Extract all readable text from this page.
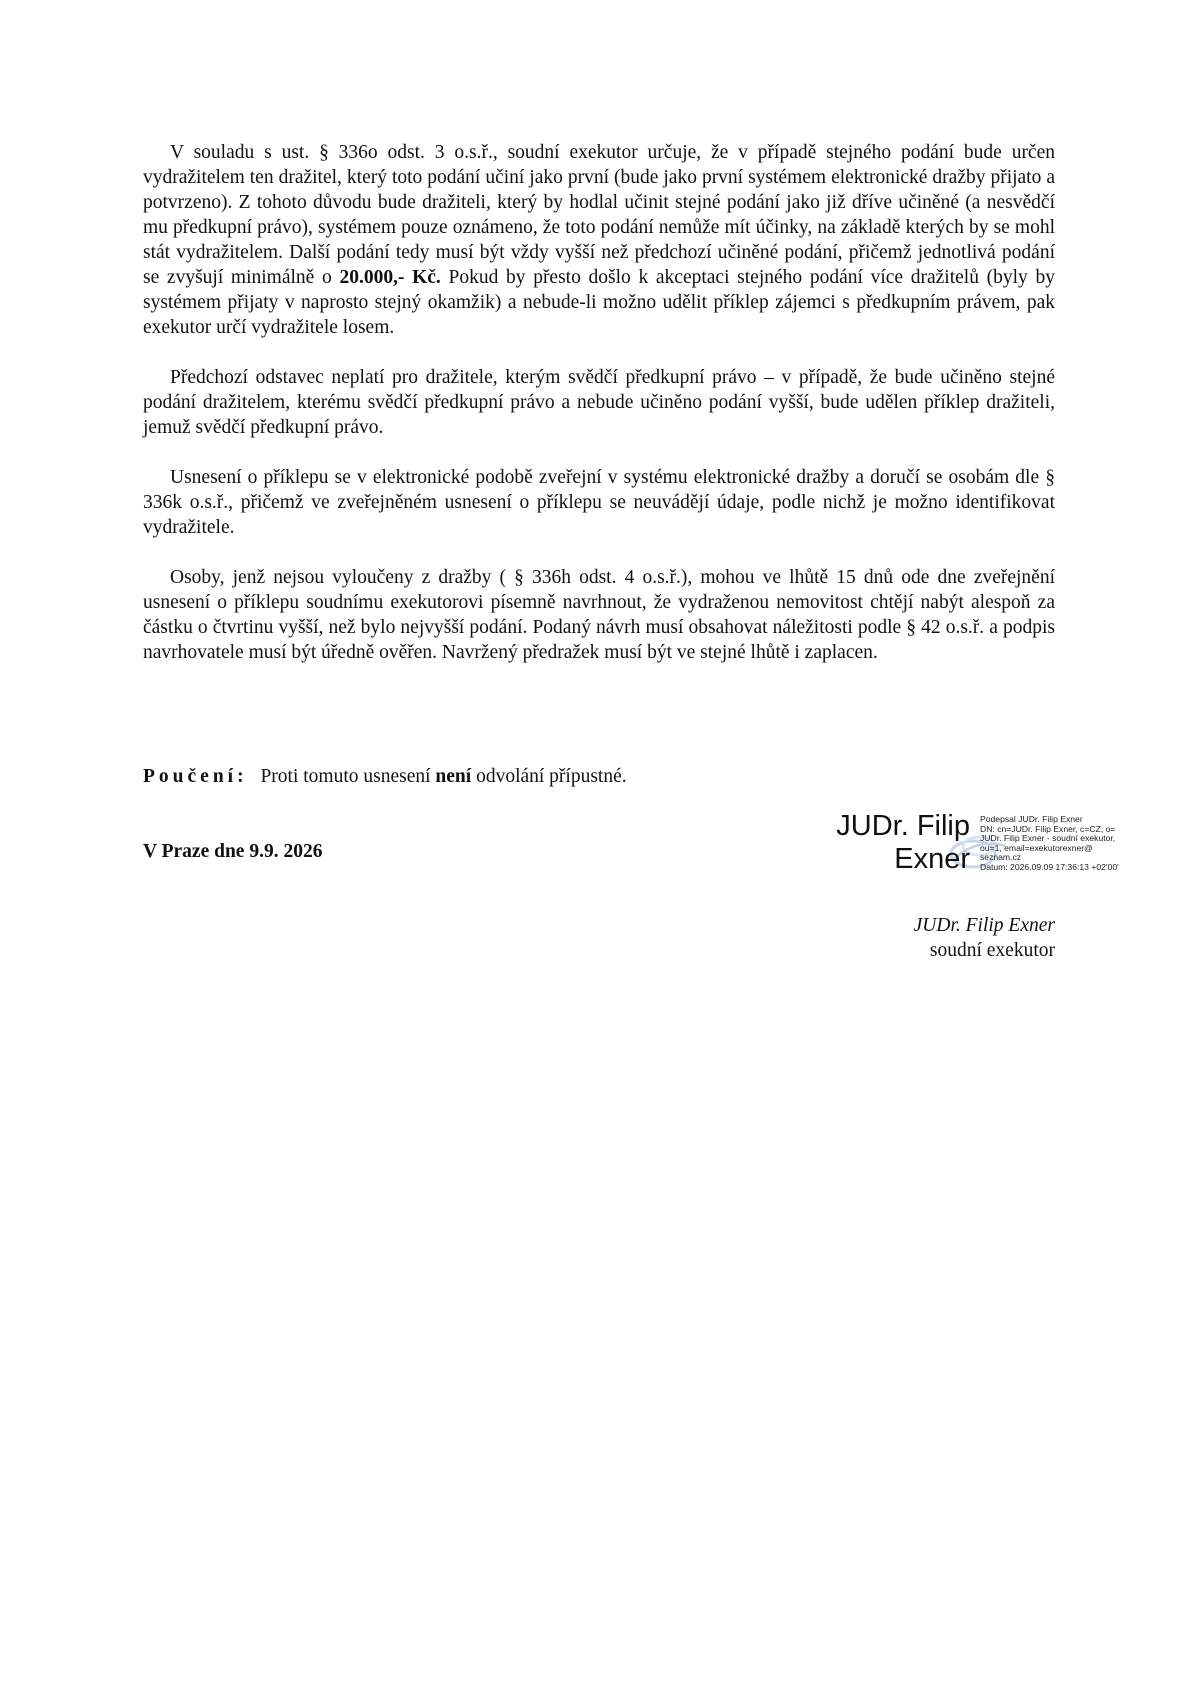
V souladu s ust. § 336o odst. 3 o.s.ř., soudní exekutor určuje, že v případě stejného podání bude určen vydražitelem ten dražitel, který toto podání učiní jako první (bude jako první systémem elektronické dražby přijato a potvrzeno). Z tohoto důvodu bude dražiteli, který by hodlal učinit stejné podání jako již dříve učiněné (a nesvědčí mu předkupní právo), systémem pouze oznámeno, že toto podání nemůže mít účinky, na základě kterých by se mohl stát vydražitelem. Další podání tedy musí být vždy vyšší než předchozí učiněné podání, přičemž jednotlivá podání se zvyšují minimálně o 20.000,- Kč. Pokud by přesto došlo k akceptaci stejného podání více dražitelů (byly by systémem přijaty v naprosto stejný okamžik) a nebude-li možno udělit příklep zájemci s předkupním právem, pak exekutor určí vydražitele losem.

Předchozí odstavec neplatí pro dražitele, kterým svědčí předkupní právo – v případě, že bude učiněno stejné podání dražitelem, kterému svědčí předkupní právo a nebude učiněno podání vyšší, bude udělen příklep dražiteli, jemuž svědčí předkupní právo.

Usnesení o příklepu se v elektronické podobě zveřejní v systému elektronické dražby a doručí se osobám dle § 336k o.s.ř., přičemž ve zveřejněném usnesení o příklepu se neuvádějí údaje, podle nichž je možno identifikovat vydražitele.

Osoby, jenž nejsou vyloučeny z dražby ( § 336h odst. 4 o.s.ř.), mohou ve lhůtě 15 dnů ode dne zveřejnění usnesení o příklepu soudnímu exekutorovi písemně navrhnout, že vydraženou nemovitost chtějí nabýt alespoň za částku o čtvrtinu vyšší, než bylo nejvyšší podání. Podaný návrh musí obsahovat náležitosti podle § 42 o.s.ř. a podpis navrhovatele musí být úředně ověřen. Navržený předražek musí být ve stejné lhůtě i zaplacen.

Poučení: Proti tomuto usnesení není odvolání přípustné.
V Praze dne 9.9. 2026
JUDr. Filip
Exner
Podepsal JUDr. Filip Exner
DN: cn=JUDr. Filip Exner, c=CZ, o=
JUDr. Filip Exner - soudní exekutor,
ou=1, email=exekutorexner@
seznam.cz
Datum: 2026.09.09 17:36:13 +02'00'
JUDr. Filip Exner
soudní exekutor
